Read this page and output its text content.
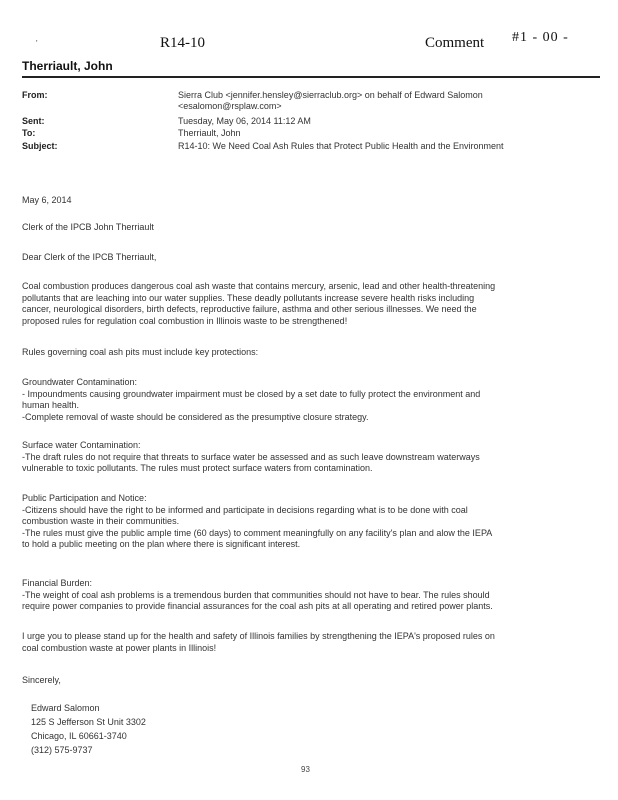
'	R14-10	Comment #1 - 00 -
Therriault, John
From:	Sierra Club <jennifer.hensley@sierraclub.org> on behalf of Edward Salomon
<esalomon@rsplaw.com>
Sent:	Tuesday, May 06, 2014 11:12 AM
To:	Therriault, John
Subject:	R14-10: We Need Coal Ash Rules that Protect Public Health and the Environment
May 6, 2014
Clerk of the IPCB John Therriault
Dear Clerk of the IPCB Therriault,
Coal combustion produces dangerous coal ash waste that contains mercury, arsenic, lead and other health-threatening
pollutants that are leaching into our water supplies. These deadly pollutants increase severe health risks including
cancer, neurological disorders, birth defects, reproductive failure, asthma and other serious illnesses. We need the
proposed rules for regulation coal combustion in Illinois waste to be strengthened!
Rules governing coal ash pits must include key protections:
Groundwater Contamination:
- Impoundments causing groundwater impairment must be closed by a set date to fully protect the environment and
human health.
-Complete removal of waste should be considered as the presumptive closure strategy.
Surface water Contamination:
-The draft rules do not require that threats to surface water be assessed and as such leave downstream waterways
vulnerable to toxic pollutants. The rules must protect surface waters from contamination.
Public Participation and Notice:
-Citizens should have the right to be informed and participate in decisions regarding what is to be done with coal
combustion waste in their communities.
-The rules must give the public ample time (60 days) to comment meaningfully on any facility's plan and alow the IEPA
to hold a public meeting on the plan where there is significant interest.
Financial Burden:
-The weight of coal ash problems is a tremendous burden that communities should not have to bear. The rules should
require power companies to provide financial assurances for the coal ash pits at all operating and retired power plants.
I urge you to please stand up for the health and safety of Illinois families by strengthening the IEPA's proposed rules on
coal combustion waste at power plants in Illinois!
Sincerely,
Edward Salomon
125 S Jefferson St Unit 3302
Chicago, IL 60661-3740
(312) 575-9737
93
